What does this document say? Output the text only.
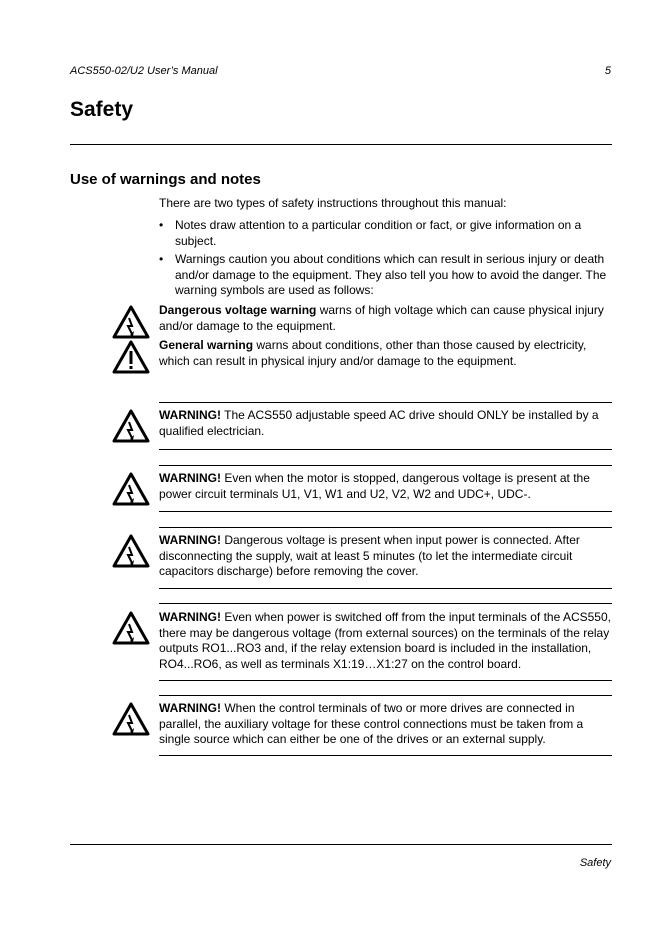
ACS550-02/U2 User’s Manual	5
Safety
Use of warnings and notes
There are two types of safety instructions throughout this manual:
• Notes draw attention to a particular condition or fact, or give information on a subject.
• Warnings caution you about conditions which can result in serious injury or death and/or damage to the equipment. They also tell you how to avoid the danger. The warning symbols are used as follows:
Dangerous voltage warning warns of high voltage which can cause physical injury and/or damage to the equipment.
General warning warns about conditions, other than those caused by electricity, which can result in physical injury and/or damage to the equipment.
WARNING! The ACS550 adjustable speed AC drive should ONLY be installed by a qualified electrician.
WARNING! Even when the motor is stopped, dangerous voltage is present at the power circuit terminals U1, V1, W1 and U2, V2, W2 and UDC+, UDC-.
WARNING! Dangerous voltage is present when input power is connected. After disconnecting the supply, wait at least 5 minutes (to let the intermediate circuit capacitors discharge) before removing the cover.
WARNING! Even when power is switched off from the input terminals of the ACS550, there may be dangerous voltage (from external sources) on the terminals of the relay outputs RO1...RO3 and, if the relay extension board is included in the installation, RO4...RO6, as well as terminals X1:19…X1:27 on the control board.
WARNING! When the control terminals of two or more drives are connected in parallel, the auxiliary voltage for these control connections must be taken from a single source which can either be one of the drives or an external supply.
Safety
